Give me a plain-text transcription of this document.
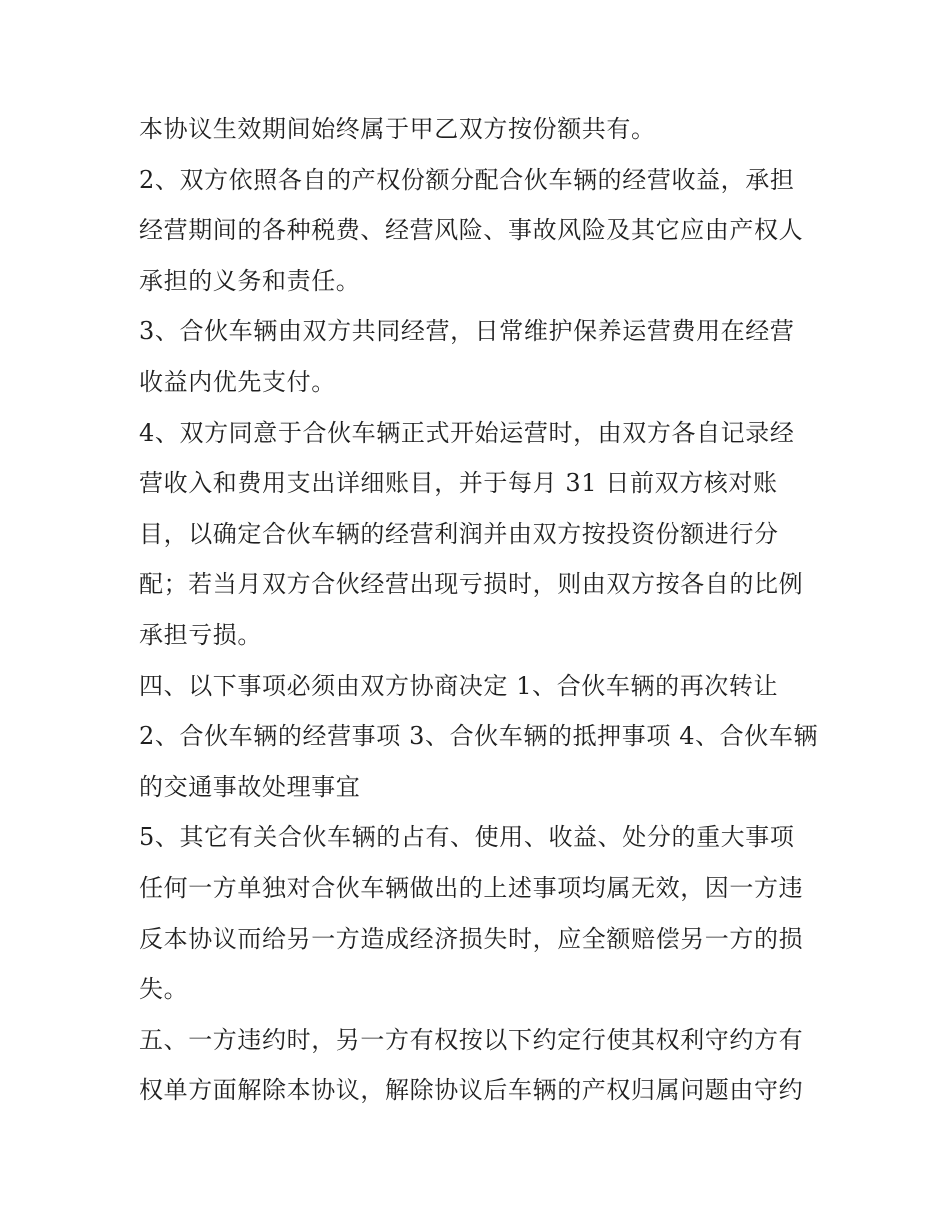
本协议生效期间始终属于甲乙双方按份额共有。
2、双方依照各自的产权份额分配合伙车辆的经营收益，承担
经营期间的各种税费、经营风险、事故风险及其它应由产权人
承担的义务和责任。
3、合伙车辆由双方共同经营，日常维护保养运营费用在经营
收益内优先支付。
4、双方同意于合伙车辆正式开始运营时，由双方各自记录经
营收入和费用支出详细账目，并于每月 31 日前双方核对账
目，以确定合伙车辆的经营利润并由双方按投资份额进行分
配；若当月双方合伙经营出现亏损时，则由双方按各自的比例
承担亏损。
四、以下事项必须由双方协商决定 1、合伙车辆的再次转让
2、合伙车辆的经营事项 3、合伙车辆的抵押事项 4、合伙车辆
的交通事故处理事宜
5、其它有关合伙车辆的占有、使用、收益、处分的重大事项
任何一方单独对合伙车辆做出的上述事项均属无效，因一方违
反本协议而给另一方造成经济损失时，应全额赔偿另一方的损
失。
五、一方违约时，另一方有权按以下约定行使其权利守约方有
权单方面解除本协议，解除协议后车辆的产权归属问题由守约
